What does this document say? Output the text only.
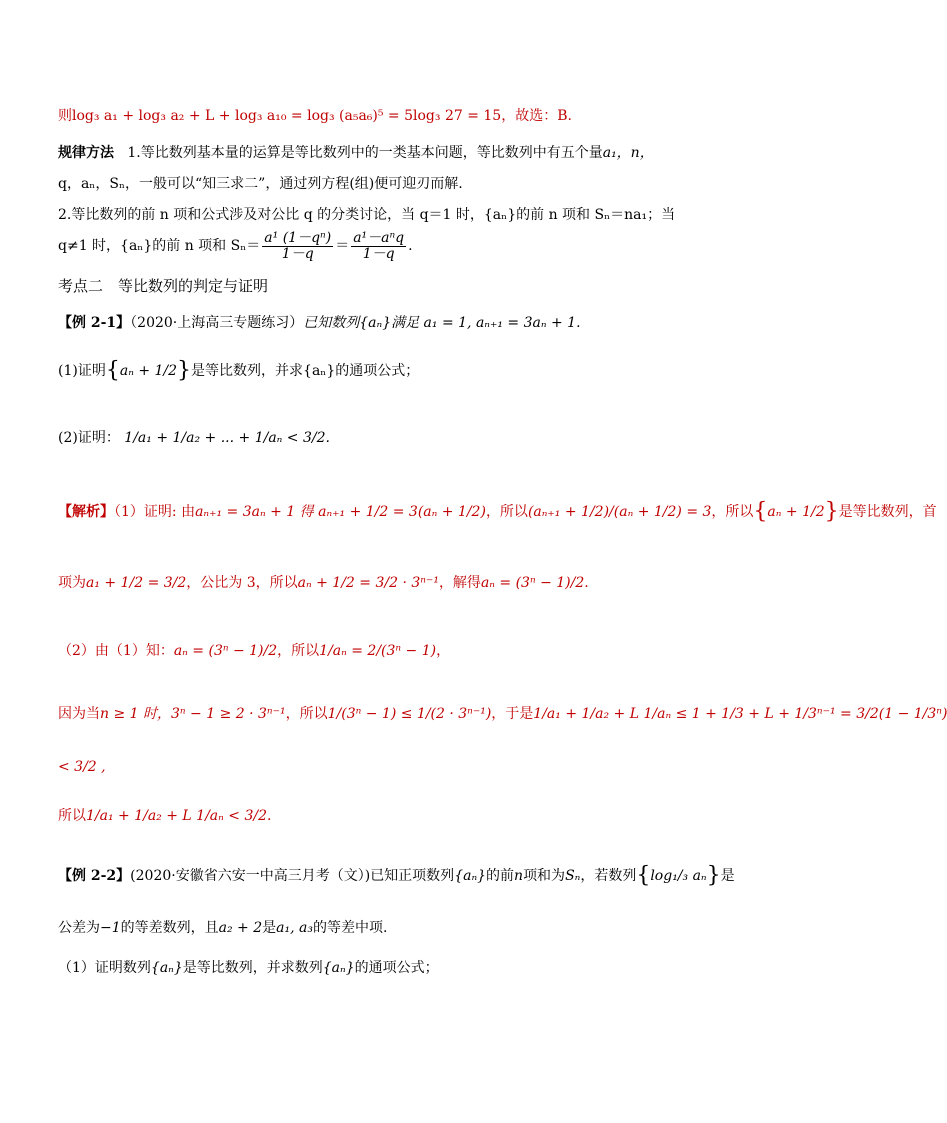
则log₃ a₁ + log₃ a₂ + L + log₃ a₁₀ = log₃ (a₅a₆)⁵ = 5log₃ 27 = 15，故选：B.
规律方法 1.等比数列基本量的运算是等比数列中的一类基本问题，等比数列中有五个量a₁，n，
q，aₙ，Sₙ，一般可以“知三求二”，通过列方程(组)便可迎刃而解.
2.等比数列的前 n 项和公式涉及对公比 q 的分类讨论，当 q＝1 时，{aₙ}的前 n 项和 Sₙ＝na₁；当
q≠1 时，{aₙ}的前 n 项和 $S_n= \frac{\text{a¹ (1－qⁿ)}}{1-q} = \frac{\text{a¹－aⁿq}}{1-q}$ .
考点二　等比数列的判定与证明
【例 2-1】（2020·上海高三专题练习）已知数列{aₙ}满足 a₁ = 1, aₙ₊₁ = 3aₙ + 1.
(1)证明{aₙ + 1/2}是等比数列，并求{aₙ}的通项公式；
(2)证明： 1/a₁ + 1/a₂ + ... + 1/aₙ < 3/2.
【解析】（1）证明: 由aₙ₊₁ = 3aₙ + 1 得 aₙ₊₁ + 1/2 = 3(aₙ + 1/2)，所以(aₙ₊₁ + 1/2)/(aₙ + 1/2) = 3，所以{aₙ + 1/2}是等比数列，首
项为a₁ + 1/2 = 3/2，公比为 3，所以aₙ + 1/2 = 3/2 · 3ⁿ⁻¹，解得aₙ = (3ⁿ − 1)/2.
（2）由（1）知：aₙ = (3ⁿ − 1)/2，所以1/aₙ = 2/(3ⁿ − 1)，
因为当n ≥ 1 时，3ⁿ − 1 ≥ 2 · 3ⁿ⁻¹，所以1/(3ⁿ − 1) ≤ 1/(2 · 3ⁿ⁻¹)，于是1/a₁ + 1/a₂ + L 1/aₙ ≤ 1 + 1/3 + L + 1/3ⁿ⁻¹ = 3/2(1 − 1/3ⁿ)
< 3/2 ,
所以1/a₁ + 1/a₂ + L 1/aₙ < 3/2.
【例 2-2】(2020·安徽省六安一中高三月考（文）)已知正项数列{aₙ}的前n项和为Sₙ，若数列{log₁/₃ aₙ}是
公差为−1的等差数列，且a₂ + 2是a₁, a₃的等差中项.
（1）证明数列{aₙ}是等比数列，并求数列{aₙ}的通项公式；
